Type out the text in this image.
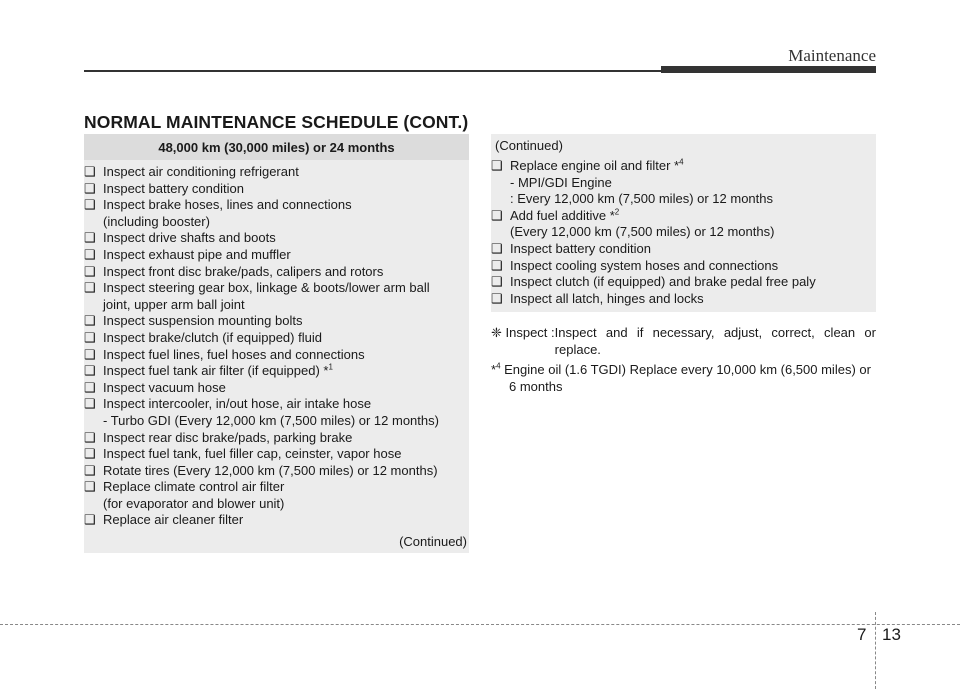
Maintenance
NORMAL MAINTENANCE SCHEDULE (CONT.)
48,000 km (30,000 miles) or 24 months
❑ Inspect air conditioning refrigerant
❑ Inspect battery condition
❑ Inspect brake hoses, lines and connections
(including booster)
❑ Inspect drive shafts and boots
❑ Inspect exhaust pipe and muffler
❑ Inspect front disc brake/pads, calipers and rotors
❑ Inspect steering gear box, linkage & boots/lower arm ball
joint, upper arm ball joint
❑ Inspect suspension mounting bolts
❑ Inspect brake/clutch (if equipped) fluid
❑ Inspect fuel lines, fuel hoses and connections
❑ Inspect fuel tank air filter (if equipped) *$^1$
❑ Inspect vacuum hose
❑ Inspect intercooler, in/out hose, air intake hose
- Turbo GDI (Every 12,000 km (7,500 miles) or 12 months)
❑ Inspect rear disc brake/pads, parking brake
❑ Inspect fuel tank, fuel filler cap, ceinster, vapor hose
❑ Rotate tires (Every 12,000 km (7,500 miles) or 12 months)
❑ Replace climate control air filter
(for evaporator and blower unit)
❑ Replace air cleaner filter
(Continued)
(Continued)
❑ Replace engine oil and filter *$^4$
- MPI/GDI Engine
: Every 12,000 km (7,500 miles) or 12 months
❑ Add fuel additive *$^2$
(Every 12,000 km (7,500 miles) or 12 months)
❑ Inspect battery condition
❑ Inspect cooling system hoses and connections
❑ Inspect clutch (if equipped) and brake pedal free paly
❑ Inspect all latch, hinges and locks
❈ Inspect : Inspect and if necessary, adjust, correct, clean or replace.
*$^4$ Engine oil (1.6 TGDI) Replace every 10,000 km (6,500 miles) or 6 months
7 13
